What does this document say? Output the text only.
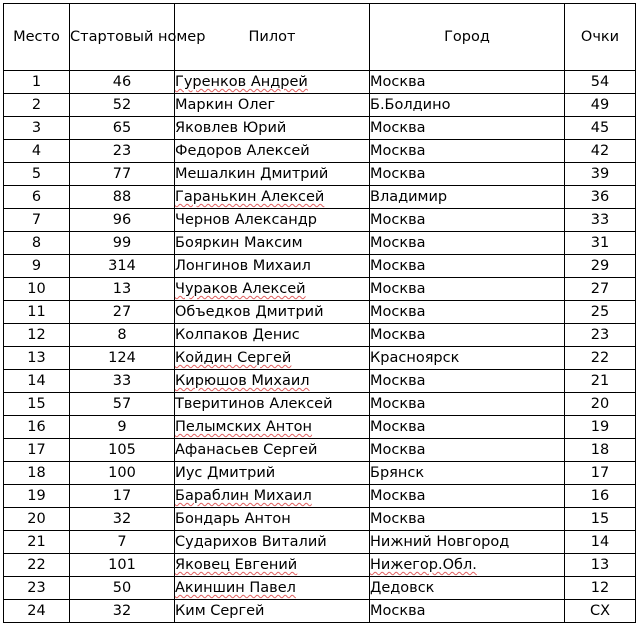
Место	Стартовый номер	Пилот	Город	Очки
1	46	Гуренков Андрей	Москва	54
2	52	Маркин Олег	Б.Болдино	49
3	65	Яковлев Юрий	Москва	45
4	23	Федоров Алексей	Москва	42
5	77	Мешалкин Дмитрий	Москва	39
6	88	Гаранькин Алексей	Владимир	36
7	96	Чернов Александр	Москва	33
8	99	Бояркин Максим	Москва	31
9	314	Лонгинов Михаил	Москва	29
10	13	Чураков Алексей	Москва	27
11	27	Объедков Дмитрий	Москва	25
12	8	Колпаков Денис	Москва	23
13	124	Койдин Сергей	Красноярск	22
14	33	Кирюшов Михаил	Москва	21
15	57	Тверитинов Алексей	Москва	20
16	9	Пелымских Антон	Москва	19
17	105	Афанасьев Сергей	Москва	18
18	100	Иус Дмитрий	Брянск	17
19	17	Бараблин Михаил	Москва	16
20	32	Бондарь Антон	Москва	15
21	7	Сударихов Виталий	Нижний Новгород	14
22	101	Яковец Евгений	Нижегор.Обл.	13
23	50	Акиншин Павел	Дедовск	12
24	32	Ким Сергей	Москва	СХ
